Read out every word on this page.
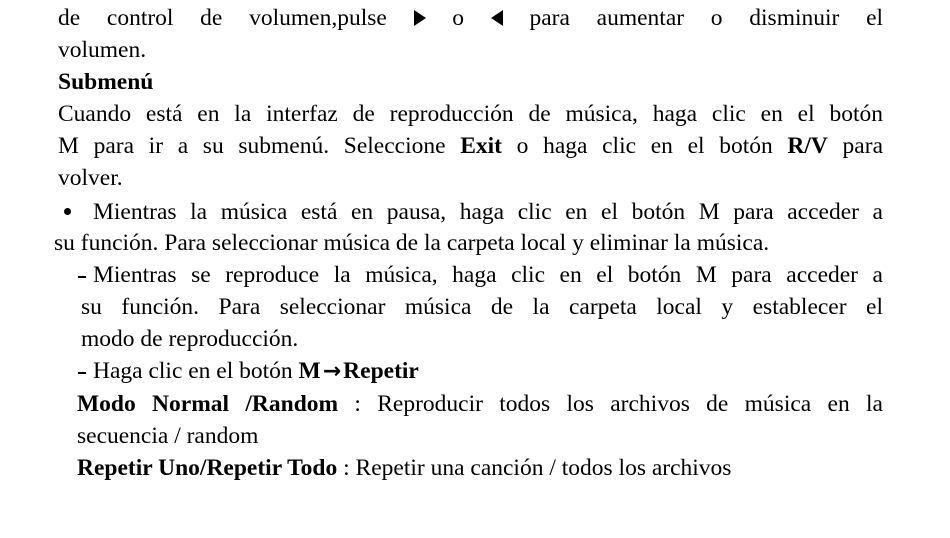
de control de volumen,pulse	o	para aumentar o disminuir el
volumen.
Submenú
Cuando está en la interfaz de reproducción de música, haga clic en el botón
M para ir a su submenú. Seleccione Exit o haga clic en el botón R/V para
volver.
Mientras la música está en pausa, haga clic en el botón M para acceder a
su función. Para seleccionar música de la carpeta local y eliminar la música.
Mientras se reproduce la música, haga clic en el botón M para acceder a
su función. Para seleccionar música de la carpeta local y establecer el
modo de reproducción.
Haga clic en el botón M→Repetir
Modo Normal /Random : Reproducir todos los archivos de música en la
secuencia / random
Repetir Uno/Repetir Todo : Repetir una canción / todos los archivos
